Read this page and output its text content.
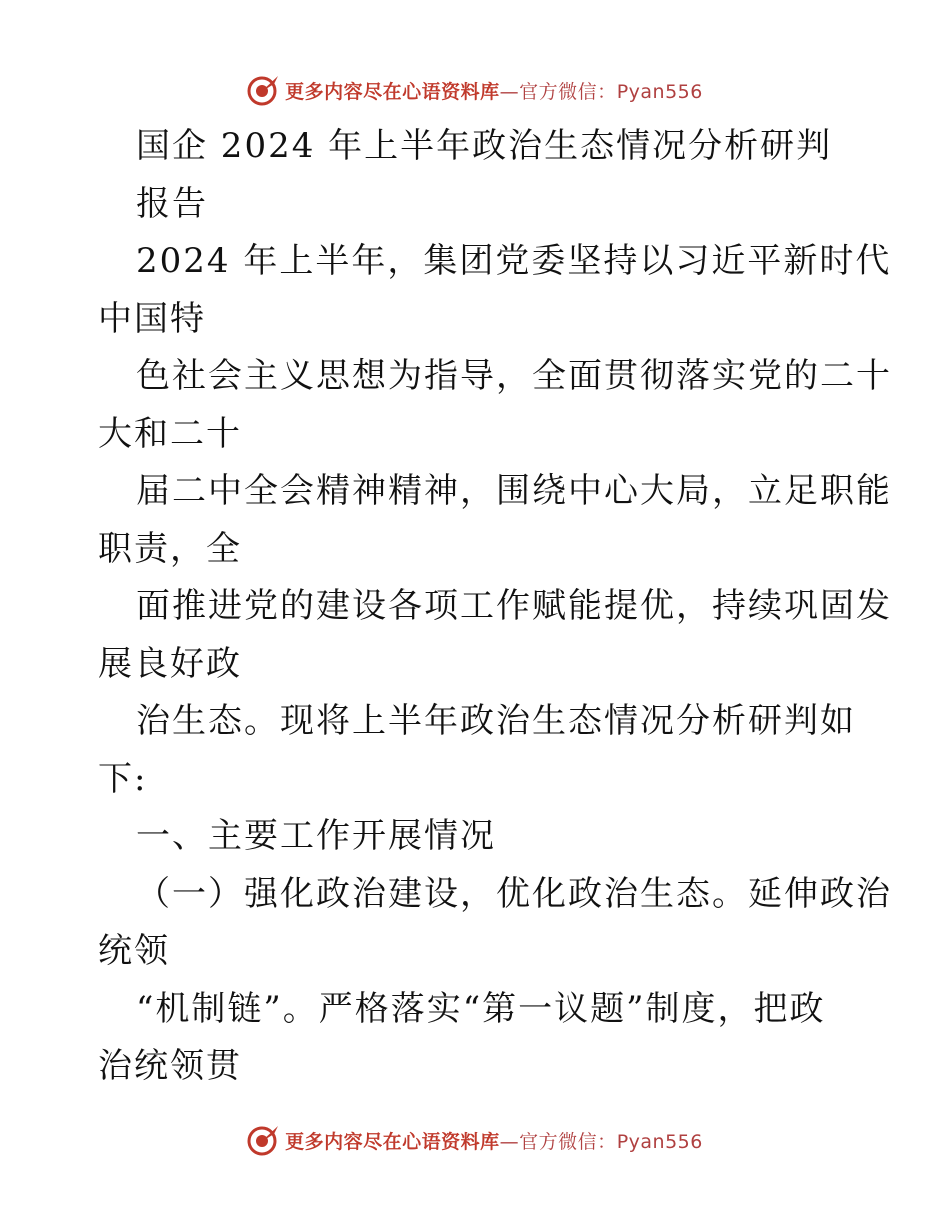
更多内容尽在心语资料库—官方微信：Pyan556
国企 2024 年上半年政治生态情况分析研判
报告
2024 年上半年，集团党委坚持以习近平新时代
中国特
色社会主义思想为指导，全面贯彻落实党的二十
大和二十
届二中全会精神精神，围绕中心大局，立足职能
职责，全
面推进党的建设各项工作赋能提优，持续巩固发
展良好政
治生态。现将上半年政治生态情况分析研判如
下:
一、主要工作开展情况
（一）强化政治建设，优化政治生态。延伸政治
统领
“机制链”。严格落实“第一议题”制度，把政
治统领贯
更多内容尽在心语资料库—官方微信：Pyan556
